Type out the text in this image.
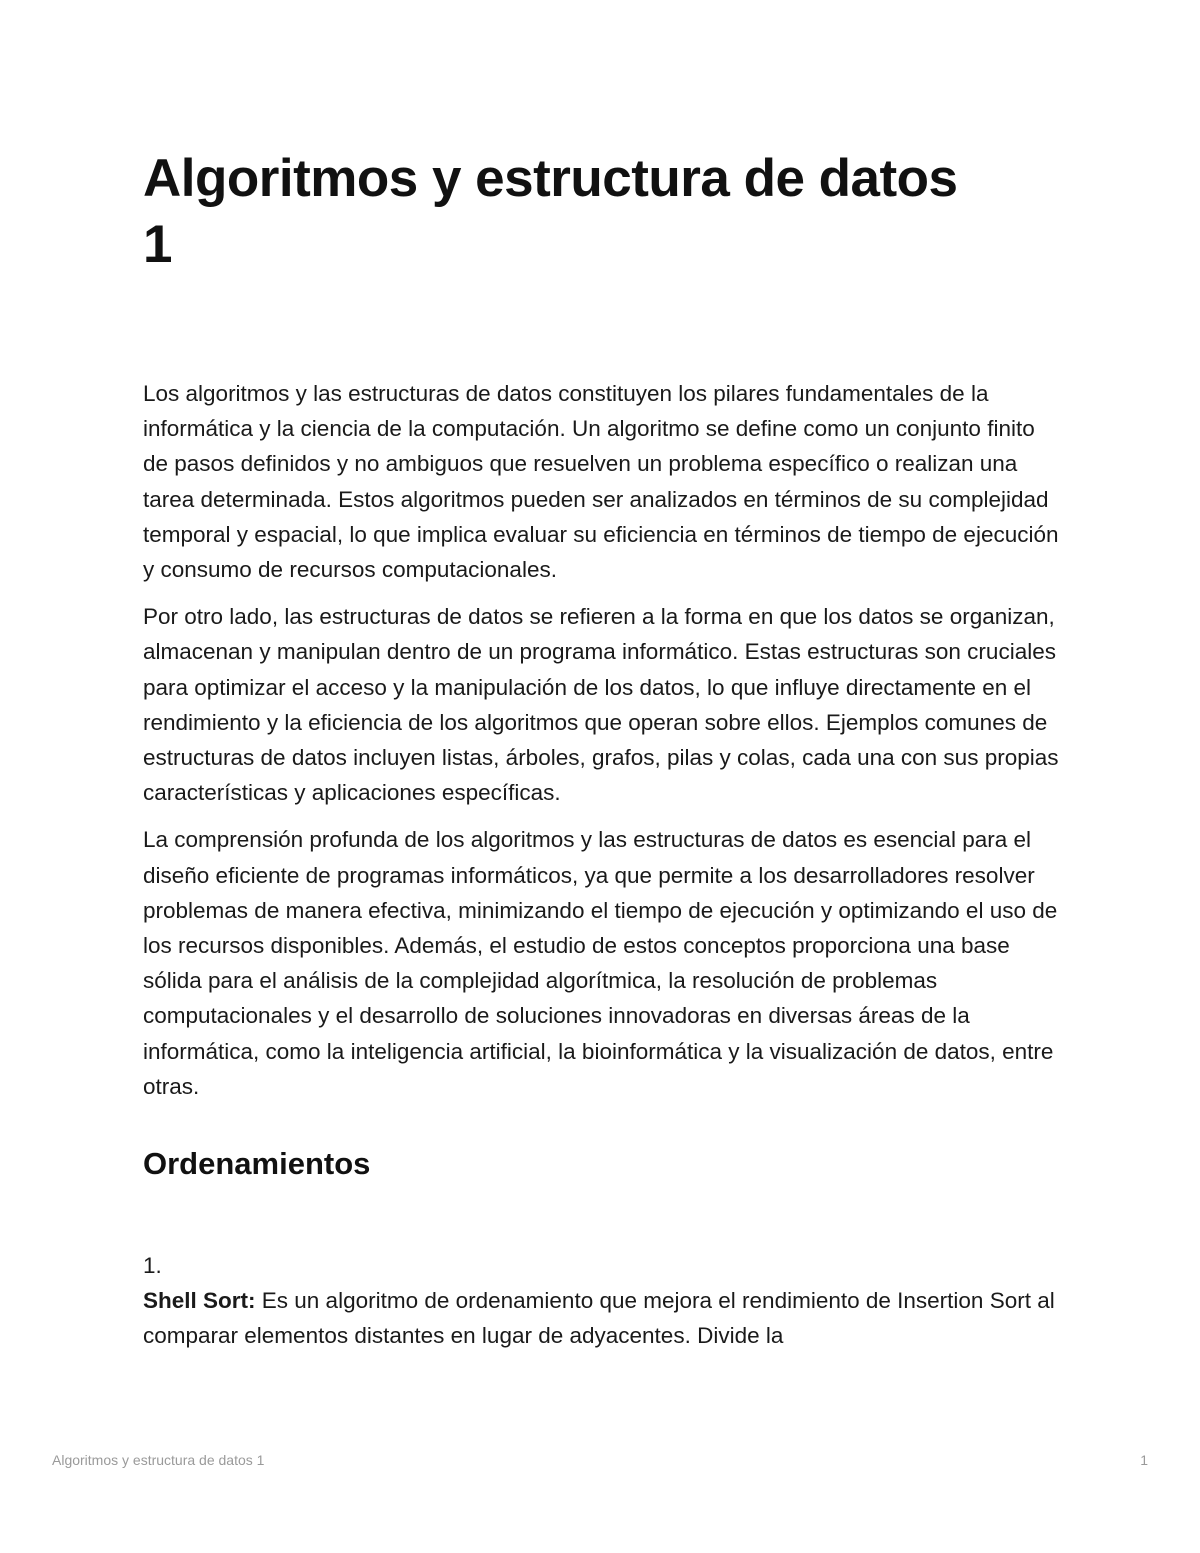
Algoritmos y estructura de datos 1

Los algoritmos y las estructuras de datos constituyen los pilares fundamentales de la informática y la ciencia de la computación. Un algoritmo se define como un conjunto finito de pasos definidos y no ambiguos que resuelven un problema específico o realizan una tarea determinada. Estos algoritmos pueden ser analizados en términos de su complejidad temporal y espacial, lo que implica evaluar su eficiencia en términos de tiempo de ejecución y consumo de recursos computacionales.

Por otro lado, las estructuras de datos se refieren a la forma en que los datos se organizan, almacenan y manipulan dentro de un programa informático. Estas estructuras son cruciales para optimizar el acceso y la manipulación de los datos, lo que influye directamente en el rendimiento y la eficiencia de los algoritmos que operan sobre ellos. Ejemplos comunes de estructuras de datos incluyen listas, árboles, grafos, pilas y colas, cada una con sus propias características y aplicaciones específicas.

La comprensión profunda de los algoritmos y las estructuras de datos es esencial para el diseño eficiente de programas informáticos, ya que permite a los desarrolladores resolver problemas de manera efectiva, minimizando el tiempo de ejecución y optimizando el uso de los recursos disponibles. Además, el estudio de estos conceptos proporciona una base sólida para el análisis de la complejidad algorítmica, la resolución de problemas computacionales y el desarrollo de soluciones innovadoras en diversas áreas de la informática, como la inteligencia artificial, la bioinformática y la visualización de datos, entre otras.

Ordenamientos
1.

Shell Sort: Es un algoritmo de ordenamiento que mejora el rendimiento de Insertion Sort al comparar elementos distantes en lugar de adyacentes. Divide la

Algoritmos y estructura de datos 1	1
